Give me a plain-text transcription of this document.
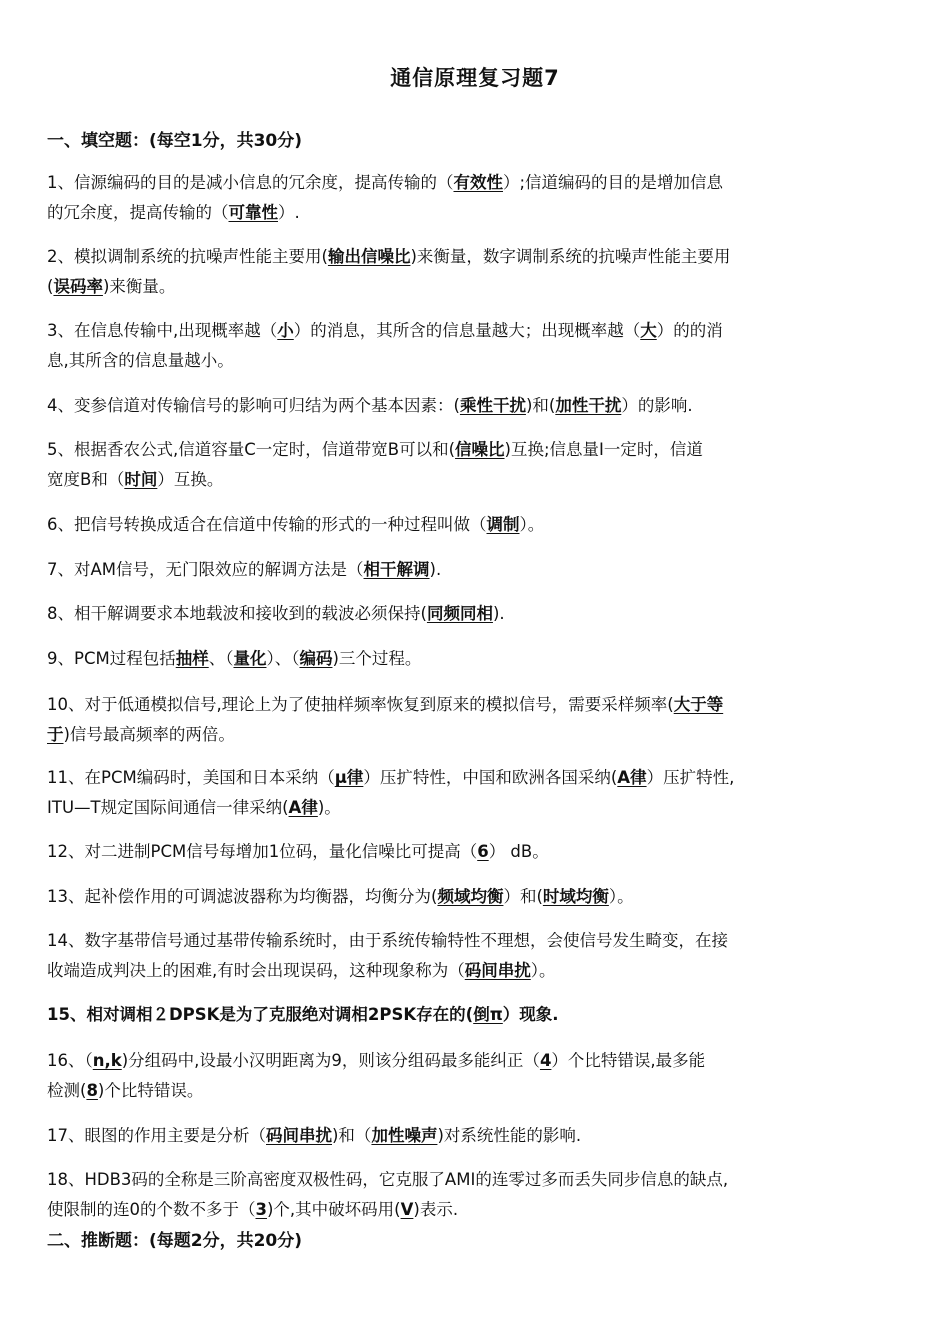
通信原理复习题7
一、填空题：(每空1分，共30分)
1、信源编码的目的是减小信息的冗余度，提高传输的（有效性）;信道编码的目的是增加信息
的冗余度，提高传输的（可靠性）.
2、模拟调制系统的抗噪声性能主要用(输出信噪比)来衡量，数字调制系统的抗噪声性能主要用
(误码率)来衡量。
3、在信息传输中,出现概率越（小）的消息，其所含的信息量越大；出现概率越（大）的的消
息,其所含的信息量越小。
4、变参信道对传输信号的影响可归结为两个基本因素：(乘性干扰)和(加性干扰）的影响.
5、根据香农公式,信道容量C一定时，信道带宽B可以和(信噪比)互换;信息量I一定时，信道
宽度B和（时间）互换。
6、把信号转换成适合在信道中传输的形式的一种过程叫做（调制）。
7、对AM信号，无门限效应的解调方法是（相干解调).
8、相干解调要求本地载波和接收到的载波必须保持(同频同相).
9、PCM过程包括抽样、（量化）、（编码)三个过程。
10、对于低通模拟信号,理论上为了使抽样频率恢复到原来的模拟信号，需要采样频率(大于等
于)信号最高频率的两倍。
11、在PCM编码时，美国和日本采纳（μ律）压扩特性，中国和欧洲各国采纳(A律）压扩特性,
ITU—T规定国际间通信一律采纳(A律)。
12、对二进制PCM信号每增加1位码，量化信噪比可提高（6） dB。
13、起补偿作用的可调滤波器称为均衡器，均衡分为(频域均衡）和(时域均衡）。
14、数字基带信号通过基带传输系统时，由于系统传输特性不理想，会使信号发生畸变，在接
收端造成判决上的困难,有时会出现误码，这种现象称为（码间串扰）。
15、相对调相２DPSK是为了克服绝对调相2PSK存在的(倒π）现象.
16、（n,k)分组码中,设最小汉明距离为9，则该分组码最多能纠正（4）个比特错误,最多能
检测(8)个比特错误。
17、眼图的作用主要是分析（码间串扰)和（加性噪声)对系统性能的影响.
18、HDB3码的全称是三阶高密度双极性码，它克服了AMI的连零过多而丢失同步信息的缺点,
使限制的连0的个数不多于（3)个,其中破坏码用(V)表示.
二、推断题：(每题2分，共20分)
